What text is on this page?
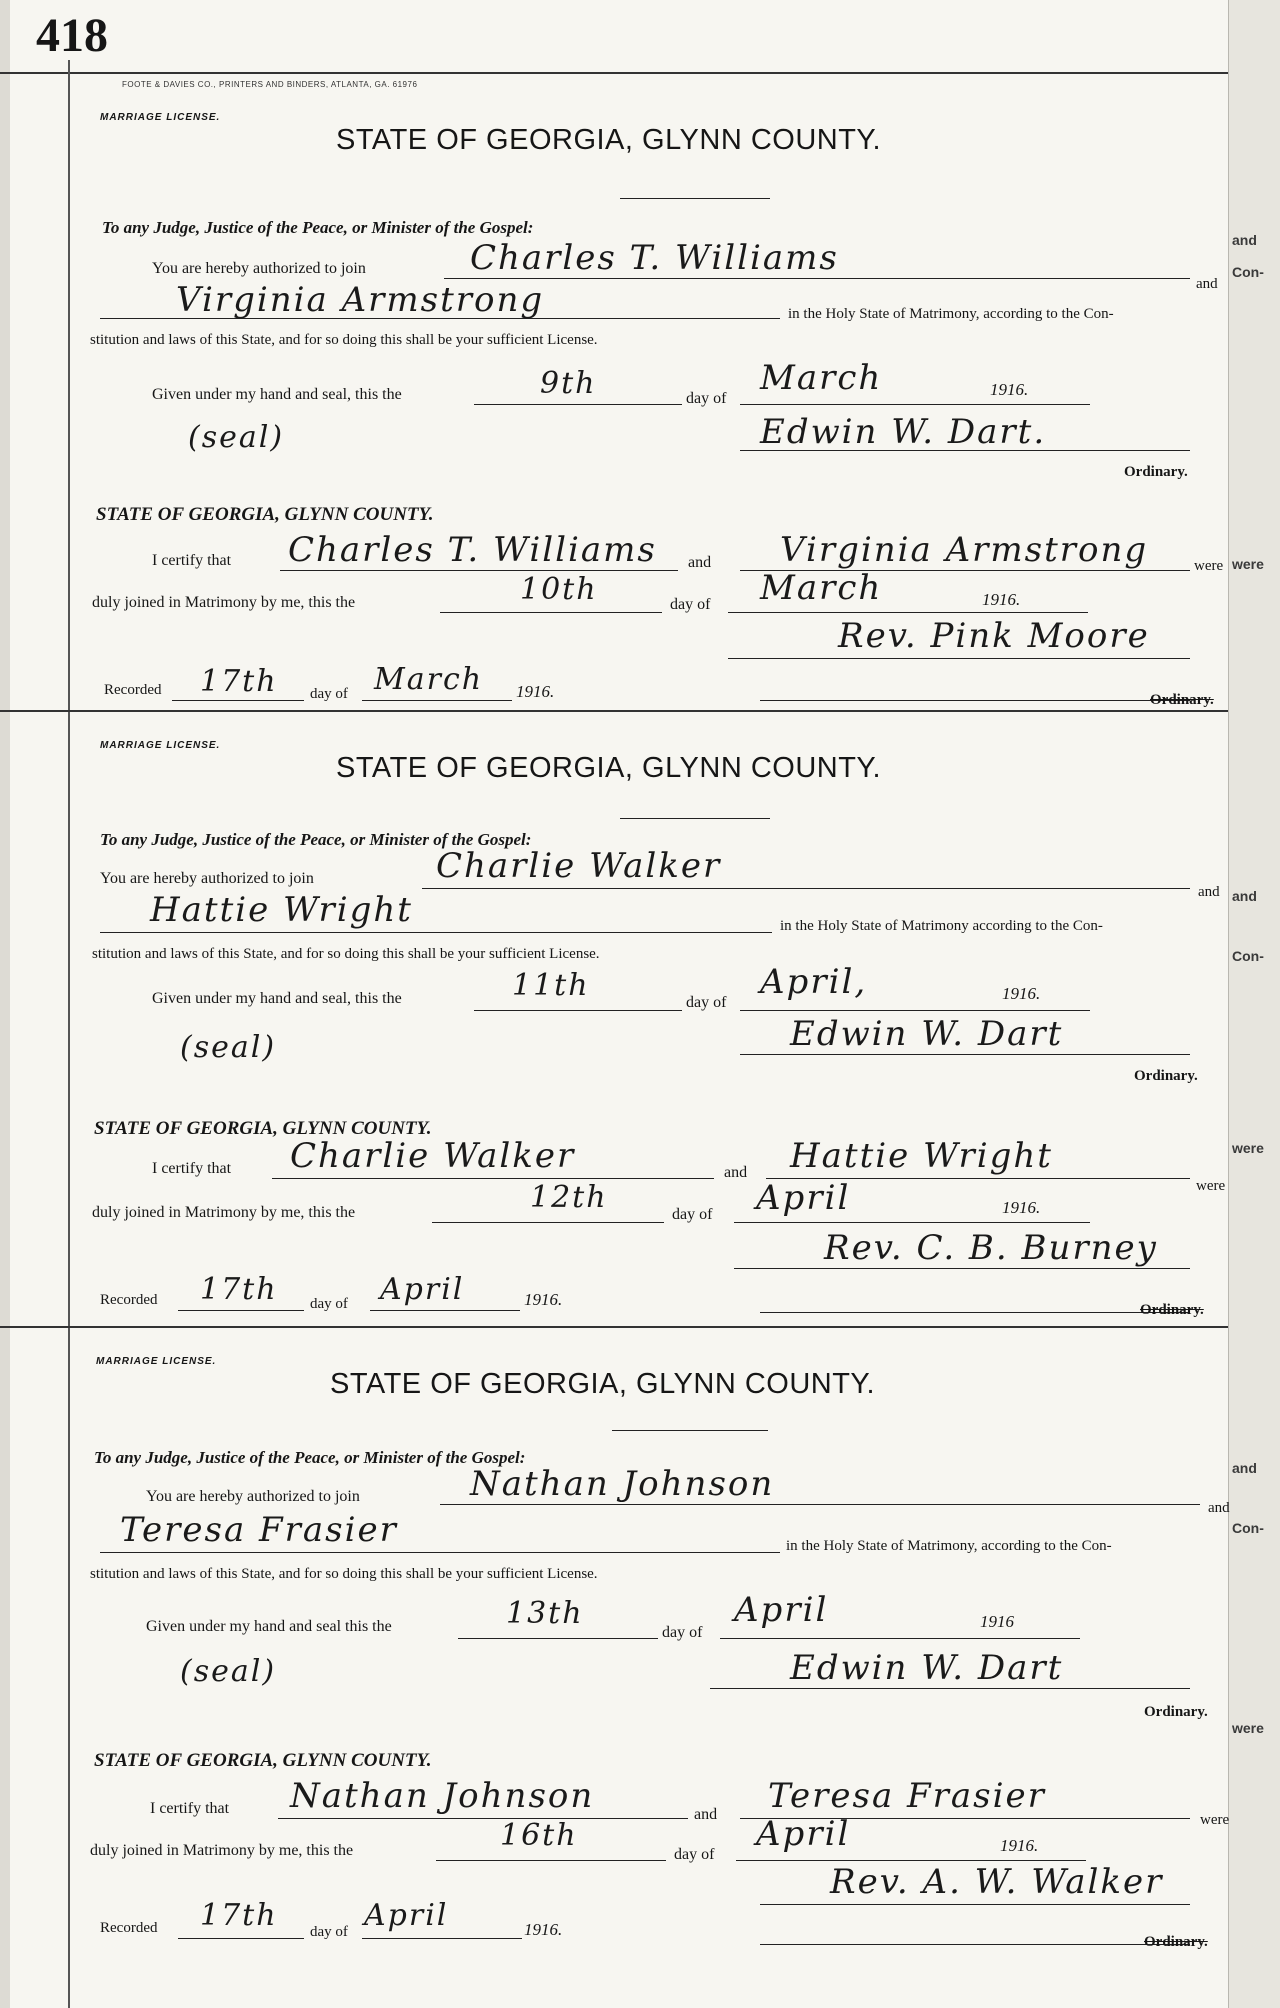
and
Con-
were
and
Con-
were
and
Con-
were
418
FOOTE & DAVIES CO., PRINTERS AND BINDERS, ATLANTA, GA. 61976
MARRIAGE LICENSE.
STATE OF GEORGIA, GLYNN COUNTY.
To any Judge, Justice of the Peace, or Minister of the Gospel:
You are hereby authorized to join	Charles T. Williams
and
Virginia Armstrong	in the Holy State of Matrimony, according to the Con-
stitution and laws of this State, and for so doing this shall be your sufficient License.
Given under my hand and seal, this the	9th	day of
March	1916.
(seal)	Edwin W. Dart.
Ordinary.
STATE OF GEORGIA, GLYNN COUNTY.
I certify that Charles T. Williams and Virginia Armstrong	were
duly joined in Matrimony by me, this the	10th	day of March	1916.
Rev. Pink Moore
Recorded 17th day of March 1916.	Ordinary.
MARRIAGE LICENSE.
STATE OF GEORGIA, GLYNN COUNTY.
To any Judge, Justice of the Peace, or Minister of the Gospel:
You are hereby authorized to join	Charlie Walker
and
Hattie Wright	in the Holy State of Matrimony according to the Con-
stitution and laws of this State, and for so doing this shall be your sufficient License.
Given under my hand and seal, this the	11th	day of
April,	1916.
(seal)	Edwin W. Dart
Ordinary.
STATE OF GEORGIA, GLYNN COUNTY.
I certify that Charlie Walker	and Hattie Wright
were
duly joined in Matrimony by me, this the	12th	day of April	1916.
Rev. C. B. Burney
Recorded 17th day of April	1916.
Ordinary.
MARRIAGE LICENSE.
STATE OF GEORGIA, GLYNN COUNTY.
To any Judge, Justice of the Peace, or Minister of the Gospel:
You are hereby authorized to join	Nathan Johnson
and
Teresa Frasier	in the Holy State of Matrimony, according to the Con-
stitution and laws of this State, and for so doing this shall be your sufficient License.
Given under my hand and seal this the	13th
day of
April	1916
(seal)	Edwin W. Dart
Ordinary.
STATE OF GEORGIA, GLYNN COUNTY.
I certify that Nathan Johnson	and Teresa Frasier
were
duly joined in Matrimony by me, this the	16th
day of
April	1916.
Rev. A. W. Walker
Recorded 17th day of April	1916.
Ordinary.
